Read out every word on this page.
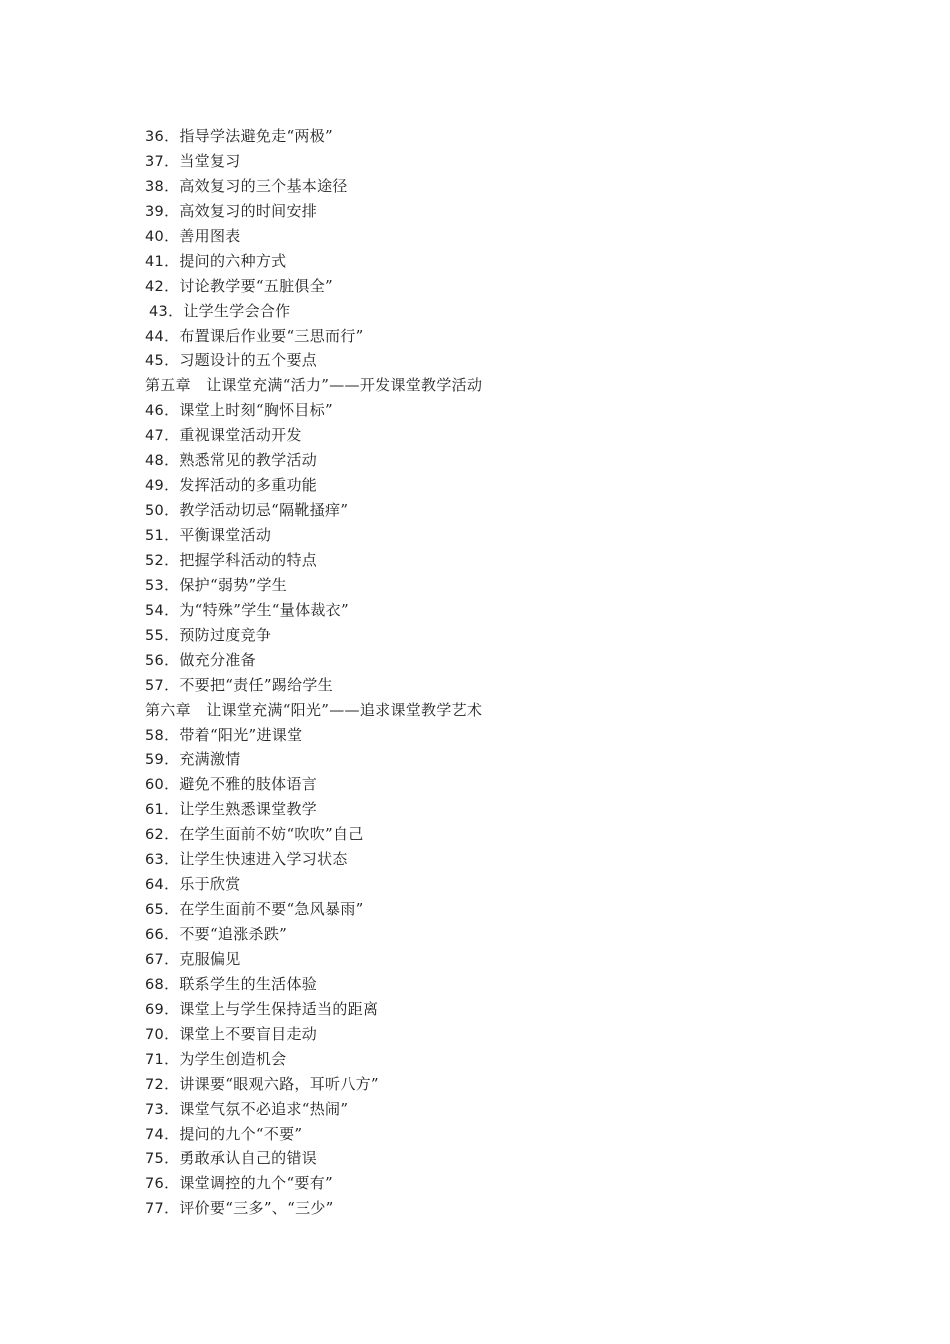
36．指导学法避免走“两极”
37．当堂复习
38．高效复习的三个基本途径
39．高效复习的时间安排
40．善用图表
41．提问的六种方式
42．讨论教学要“五脏俱全”
43．让学生学会合作
44．布置课后作业要“三思而行”
45．习题设计的五个要点
第五章　让课堂充满“活力”——开发课堂教学活动
46．课堂上时刻“胸怀目标”
47．重视课堂活动开发
48．熟悉常见的教学活动
49．发挥活动的多重功能
50．教学活动切忌“隔靴搔痒”
51．平衡课堂活动
52．把握学科活动的特点
53．保护“弱势”学生
54．为“特殊”学生“量体裁衣”
55．预防过度竞争
56．做充分准备
57．不要把“责任”踢给学生
第六章　让课堂充满“阳光”——追求课堂教学艺术
58．带着“阳光”进课堂
59．充满激情
60．避免不雅的肢体语言
61．让学生熟悉课堂教学
62．在学生面前不妨“吹吹”自己
63．让学生快速进入学习状态
64．乐于欣赏
65．在学生面前不要“急风暴雨”
66．不要“追涨杀跌”
67．克服偏见
68．联系学生的生活体验
69．课堂上与学生保持适当的距离
70．课堂上不要盲目走动
71．为学生创造机会
72．讲课要“眼观六路，耳听八方”
73．课堂气氛不必追求“热闹”
74．提问的九个“不要”
75．勇敢承认自己的错误
76．课堂调控的九个“要有”
77．评价要“三多”、“三少”
